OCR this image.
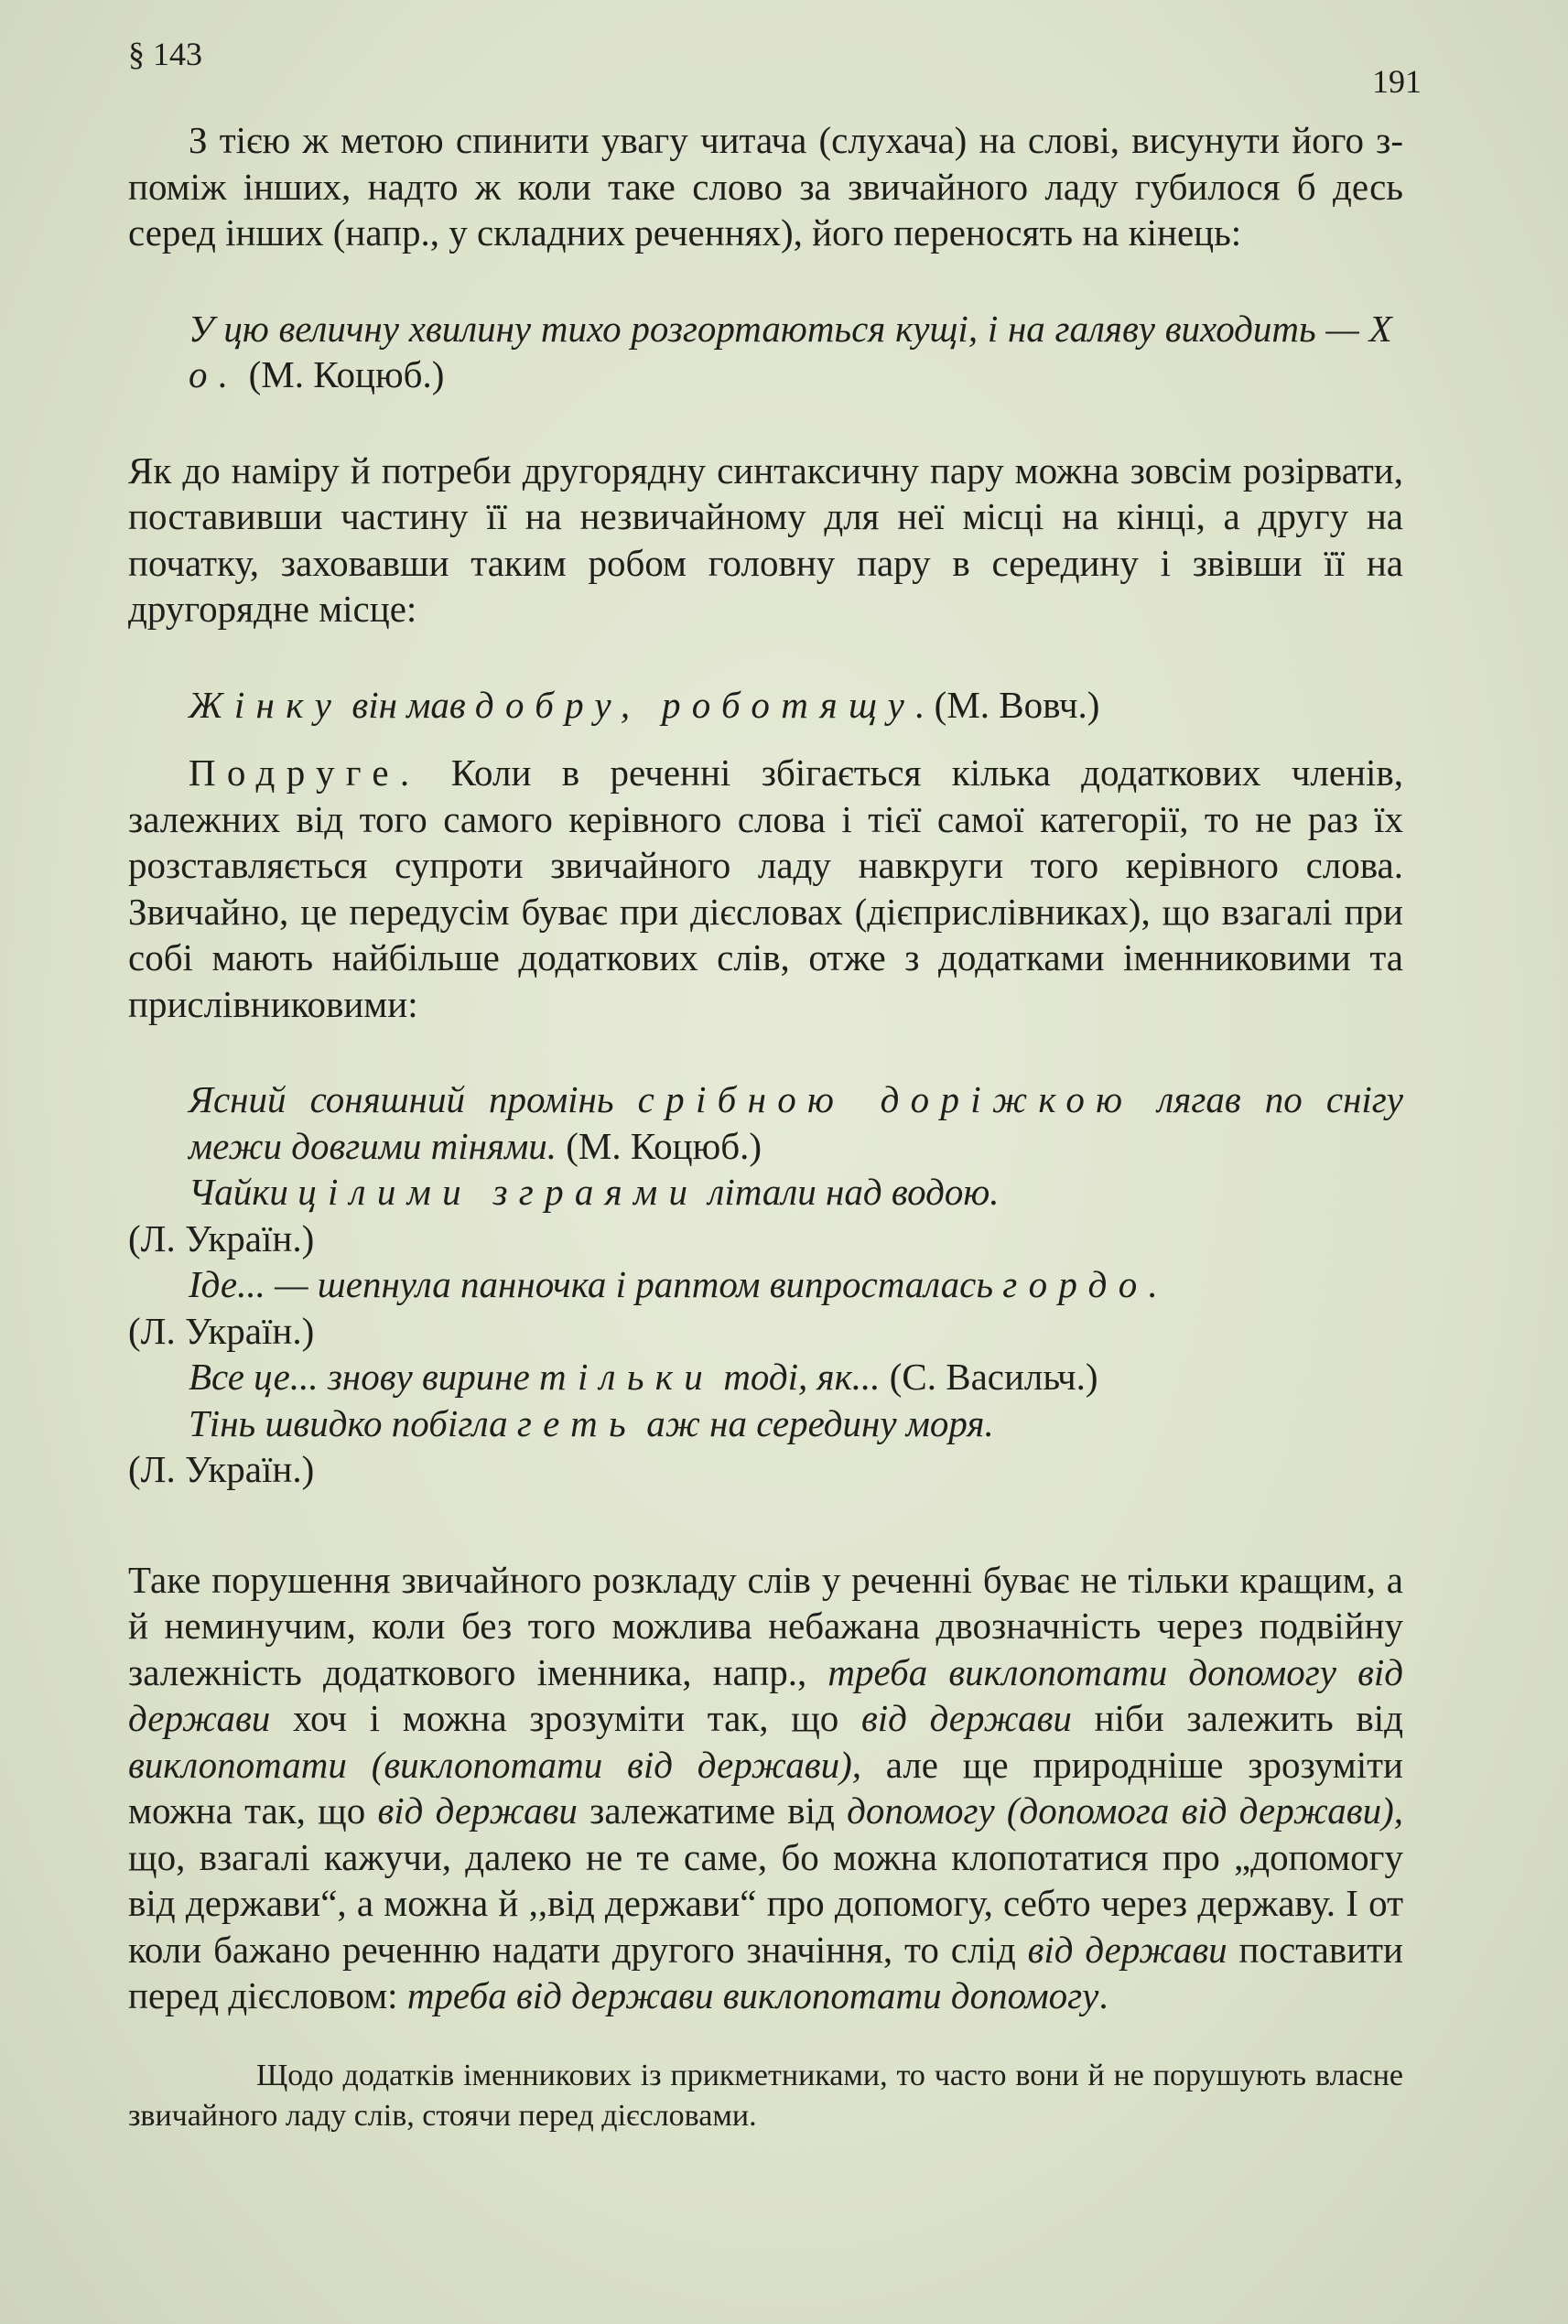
§ 143
191

З тією ж метою спинити увагу читача (слухача) на слові, висунути його з-поміж інших, надто ж коли таке слово за звичайного ладу губилося б десь серед інших (напр., у складних реченнях), його переносять на кінець:

У цю величну хвилину тихо розгортаються кущі, і на галяву виходить — Х о. (М. Коцюб.)

Як до наміру й потреби другорядну синтаксичну пару можна зовсім розірвати, поставивши частину її на незвичайному для неї місці на кінці, а другу на початку, заховавши таким робом головну пару в середину і звівши її на другорядне місце:

Жінку він мав добру, роботящу. (М. Вовч.)

Подруге. Коли в реченні збігається кілька додаткових членів, залежних від того самого керівного слова і тієї самої категорії, то не раз їх розставляється супроти звичайного ладу навкруги того керівного слова. Звичайно, це передусім буває при дієсловах (дієприслівниках), що взагалі при собі мають найбільше додаткових слів, отже з додатками іменниковими та прислівниковими:

Ясний соняшний промінь срібною доріжкою лягав по снігу межи довгими тінями. (М. Коцюб.)

Чайки цілими зграями літали над водою.

(Л. Україн.)

Іде... — шепнула панночка і раптом випросталась гордо.

(Л. Україн.)

Все це... знову вирине тільки тоді, як... (С. Васильч.)

Тінь швидко побігла геть аж на середину моря.

(Л. Україн.)

Таке порушення звичайного розкладу слів у реченні буває не тільки кращим, а й неминучим, коли без того можлива небажана двозначність через подвійну залежність додаткового іменника, напр., треба виклопотати допомогу від держави хоч і можна зрозуміти так, що від держави ніби залежить від виклопотати (виклопотати від держави), але ще природніше зрозуміти можна так, що від держави залежатиме від допомогу (допомога від держави), що, взагалі кажучи, далеко не те саме, бо можна клопотатися про „допомогу від держави“, а можна й ,,від держави“ про допомогу, себто через державу. І от коли бажано реченню надати другого значіння, то слід від держави поставити перед дієсловом: треба від держави виклопотати допомогу.

Щодо додатків іменникових із прикметниками, то часто вони й не порушують власне звичайного ладу слів, стоячи перед дієсловами.
